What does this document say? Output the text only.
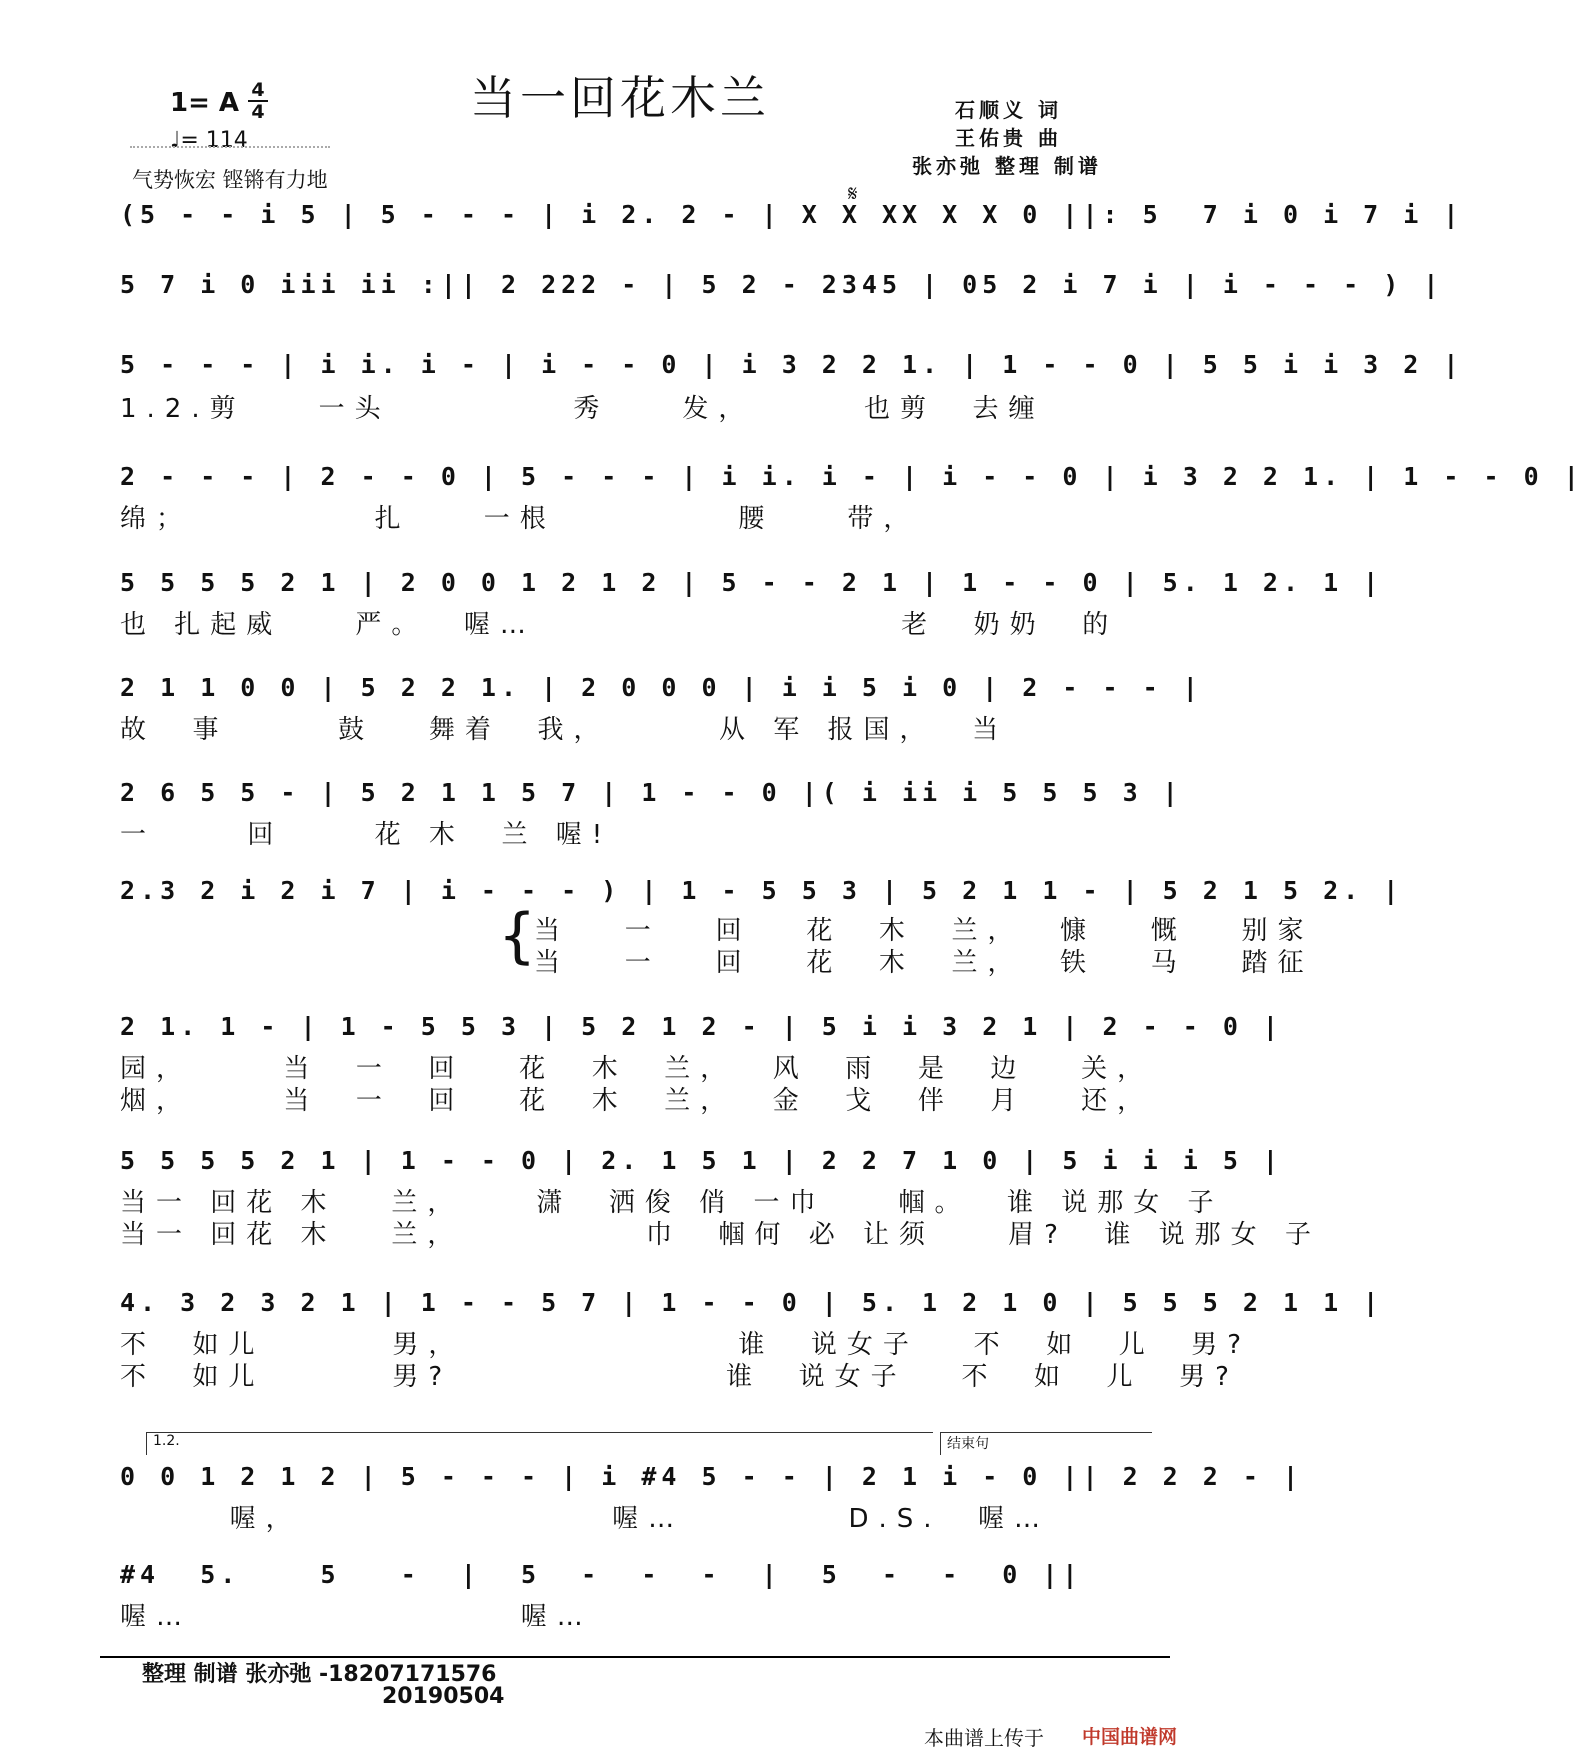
当一回花木兰
1= A 4
4
♩= 114
气势恢宏 铿锵有力地
石顺义 词
王佑贵 曲
张亦弛 整理 制谱
𝄋
(5 - - i 5 | 5 - - - | i 2. 2 - | X X XX X X 0 ||: 5  7 i 0 i 7 i |
5 7 i 0 iii ii :|| 2 222 - | 5 2 - 2345 | 05 2 i 7 i | i - - - ) |
5 - - - | i i. i - | i - - 0 | i 3 2 2 1. | 1 - - 0 | 5 5 i i 3 2 |
1.2.剪    一头          秀    发，      也剪  去缠
2 - - - | 2 - - 0 | 5 - - - | i i. i - | i - - 0 | i 3 2 2 1. | 1 - - 0 |
绵；          扎    一根          腰    带，
5 5 5 5 2 1 | 2 0 0 1 2 1 2 | 5 - - 2 1 | 1 - - 0 | 5. 1 2. 1 |
也 扎起威    严。  喔…                    老  奶奶  的
2 1 1 0 0 | 5 2 2 1. | 2 0 0 0 | i i 5 i 0 | 2 - - - |
故  事      鼓   舞着  我，      从 军 报国，  当
2 6 5 5 - | 5 2 1 1 5 7 | 1 - - 0 |( i ii i 5 5 5 3 |
一     回     花 木  兰 喔!
2.3 2 i 2 i 7 | i - - - ) | 1 - 5 5 3 | 5 2 1 1 - | 5 2 1 5 2. |
{
当   一   回   花  木  兰，  慷   慨   别家
当   一   回   花  木  兰，  铁   马   踏征
2 1. 1 - | 1 - 5 5 3 | 5 2 1 2 - | 5 i i 3 2 1 | 2 - - 0 |
园，     当  一  回   花  木  兰，  风  雨  是  边   关，
烟，     当  一  回   花  木  兰，  金  戈  伴  月   还，
5 5 5 5 2 1 | 1 - - 0 | 2. 1 5 1 | 2 2 7 1 0 | 5 i i i 5 |
当一 回花 木   兰，    潇  洒俊 俏 一巾    帼。  谁 说那女 子
当一 回花 木   兰，          巾  帼何 必 让须    眉?  谁 说那女 子
4. 3 2 3 2 1 | 1 - - 5 7 | 1 - - 0 | 5. 1 2 1 0 | 5 5 5 2 1 1 |
不  如儿       男，               谁  说女子   不  如  儿  男?
不  如儿       男?               谁  说女子   不  如  儿  男?
1.2.	结束句
0 0 1 2 1 2 | 5 - - - | i #4 5 - - | 2 1 i - 0 || 2 2 2 - |
喔，                 喔…         D.S.  喔…
#4  5.    5   -  |  5  -  -  -  |  5  -  -  0 ||
喔…                  喔…
整理 制谱 张亦弛 -18207171576
20190504
本曲谱上传于 中国曲谱网
